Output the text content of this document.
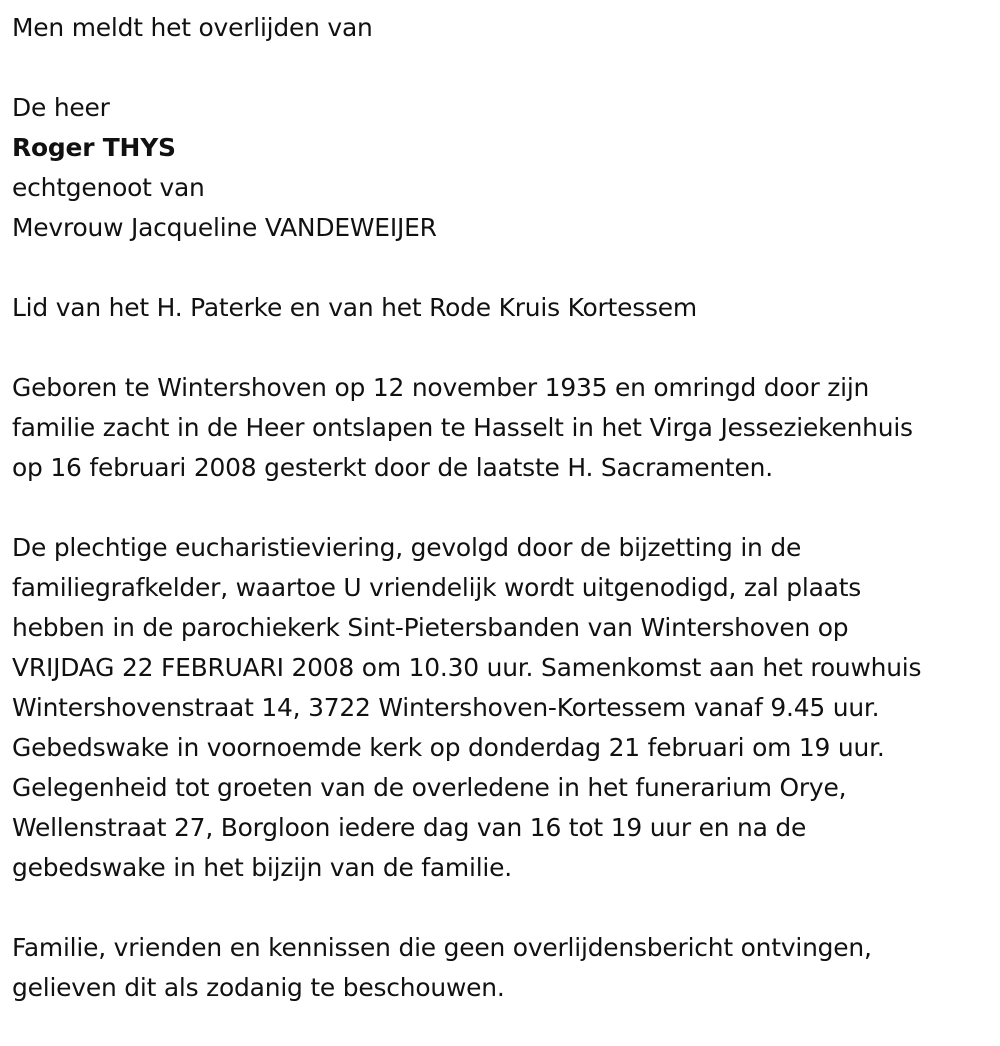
Men meldt het overlijden van
De heer
Roger THYS
echtgenoot van
Mevrouw Jacqueline VANDEWEIJER
Lid van het H. Paterke en van het Rode Kruis Kortessem
Geboren te Wintershoven op 12 november 1935 en omringd door zijn
familie zacht in de Heer ontslapen te Hasselt in het Virga Jesseziekenhuis
op 16 februari 2008 gesterkt door de laatste H. Sacramenten.
De plechtige eucharistieviering, gevolgd door de bijzetting in de
familiegrafkelder, waartoe U vriendelijk wordt uitgenodigd, zal plaats
hebben in de parochiekerk Sint-Pietersbanden van Wintershoven op
VRIJDAG 22 FEBRUARI 2008 om 10.30 uur. Samenkomst aan het rouwhuis
Wintershovenstraat 14, 3722 Wintershoven-Kortessem vanaf 9.45 uur.
Gebedswake in voornoemde kerk op donderdag 21 februari om 19 uur.
Gelegenheid tot groeten van de overledene in het funerarium Orye,
Wellenstraat 27, Borgloon iedere dag van 16 tot 19 uur en na de
gebedswake in het bijzijn van de familie.
Familie, vrienden en kennissen die geen overlijdensbericht ontvingen,
gelieven dit als zodanig te beschouwen.
